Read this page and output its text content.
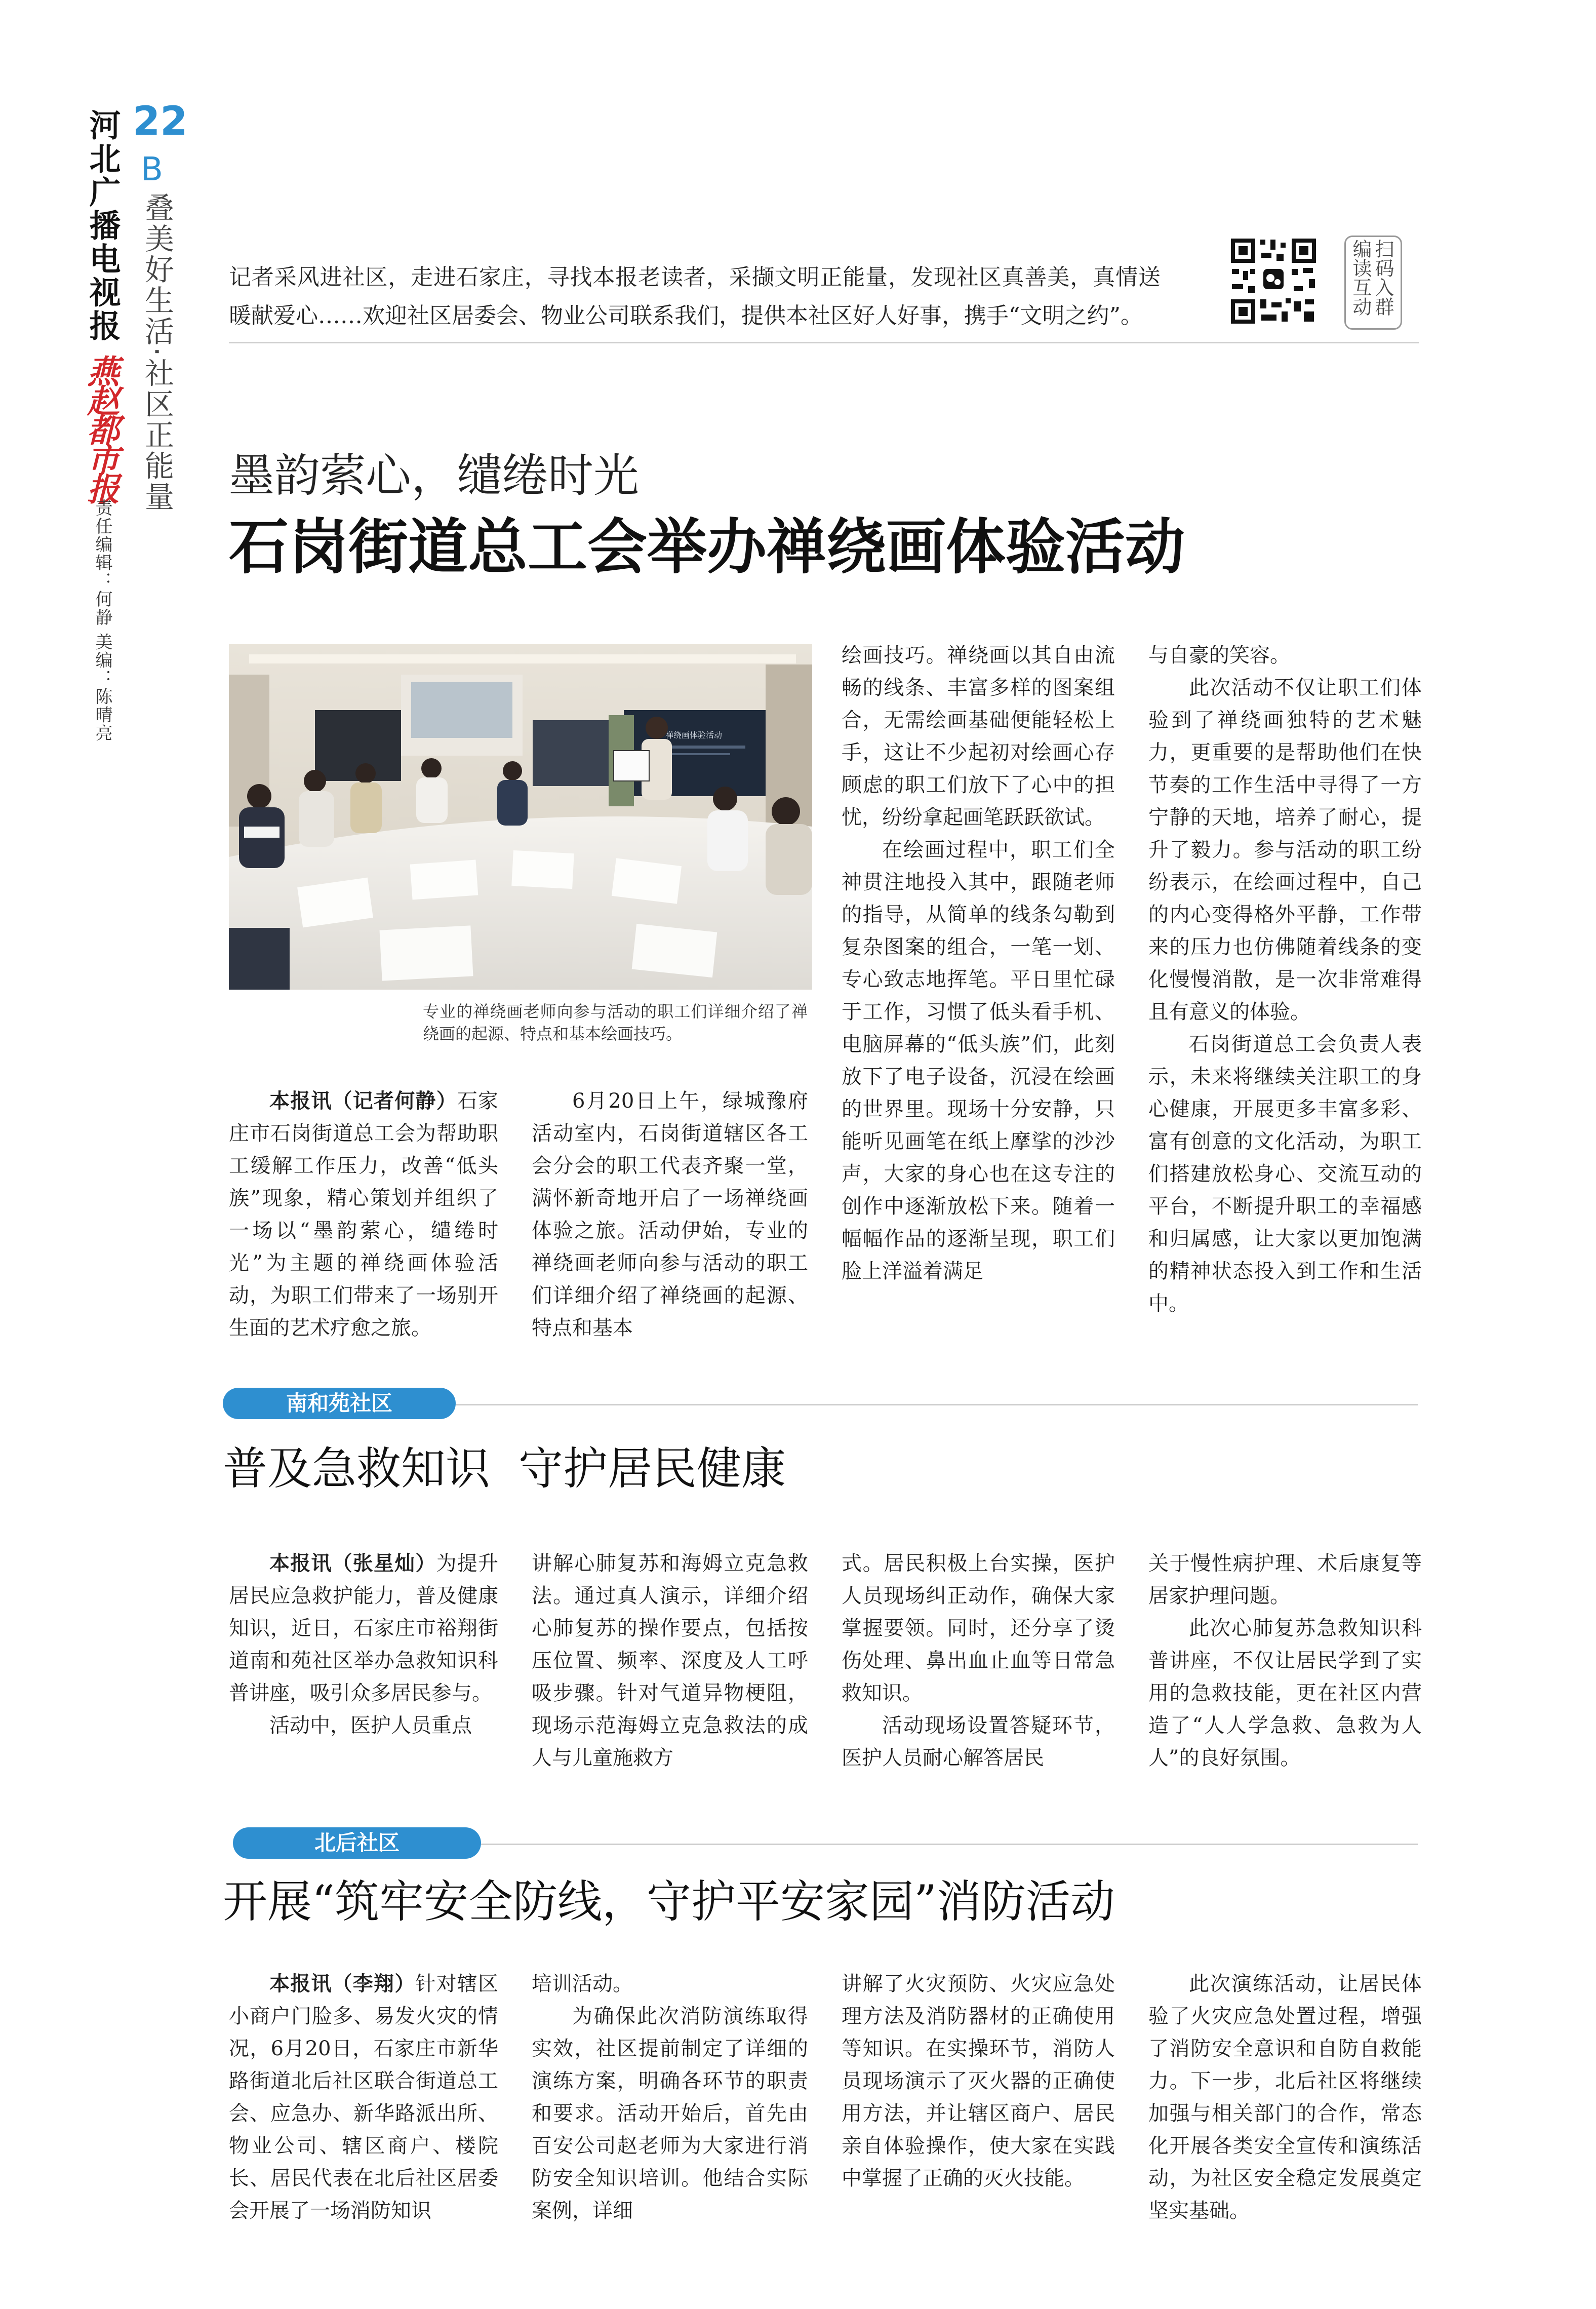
河北广播电视报
燕赵都市报
22
B
叠美好生活·社区正能量
责任编辑：何静 美编：陈晴亮
记者采风进社区，走进石家庄，寻找本报老读者，采撷文明正能量，发现社区真善美，真情送暖献爱心……欢迎社区居委会、物业公司联系我们，提供本社区好人好事，携手“文明之约”。	扫码入群编读互动
墨韵萦心，缱绻时光
石岗街道总工会举办禅绕画体验活动
禅绕画体验活动
专业的禅绕画老师向参与活动的职工们详细介绍了禅绕画的起源、特点和基本绘画技巧。

本报讯（记者何静）石家庄市石岗街道总工会为帮助职工缓解工作压力，改善“低头族”现象，精心策划并组织了一场以“墨韵萦心，缱绻时光”为主题的禅绕画体验活动，为职工们带来了一场别开生面的艺术疗愈之旅。

6月20日上午，绿城豫府活动室内，石岗街道辖区各工会分会的职工代表齐聚一堂，满怀新奇地开启了一场禅绕画体验之旅。活动伊始，专业的禅绕画老师向参与活动的职工们详细介绍了禅绕画的起源、特点和基本

绘画技巧。禅绕画以其自由流畅的线条、丰富多样的图案组合，无需绘画基础便能轻松上手，这让不少起初对绘画心存顾虑的职工们放下了心中的担忧，纷纷拿起画笔跃跃欲试。

在绘画过程中，职工们全神贯注地投入其中，跟随老师的指导，从简单的线条勾勒到复杂图案的组合，一笔一划、专心致志地挥笔。平日里忙碌于工作，习惯了低头看手机、电脑屏幕的“低头族”们，此刻放下了电子设备，沉浸在绘画的世界里。现场十分安静，只能听见画笔在纸上摩挲的沙沙声，大家的身心也在这专注的创作中逐渐放松下来。随着一幅幅作品的逐渐呈现，职工们脸上洋溢着满足

与自豪的笑容。

此次活动不仅让职工们体验到了禅绕画独特的艺术魅力，更重要的是帮助他们在快节奏的工作生活中寻得了一方宁静的天地，培养了耐心，提升了毅力。参与活动的职工纷纷表示，在绘画过程中，自己的内心变得格外平静，工作带来的压力也仿佛随着线条的变化慢慢消散，是一次非常难得且有意义的体验。

石岗街道总工会负责人表示，未来将继续关注职工的身心健康，开展更多丰富多彩、富有创意的文化活动，为职工们搭建放松身心、交流互动的平台，不断提升职工的幸福感和归属感，让大家以更加饱满的精神状态投入到工作和生活中。

南和苑社区
普及急救知识  守护居民健康

本报讯（张星灿）为提升居民应急救护能力，普及健康知识，近日，石家庄市裕翔街道南和苑社区举办急救知识科普讲座，吸引众多居民参与。

活动中，医护人员重点

讲解心肺复苏和海姆立克急救法。通过真人演示，详细介绍心肺复苏的操作要点，包括按压位置、频率、深度及人工呼吸步骤。针对气道异物梗阻，现场示范海姆立克急救法的成人与儿童施救方

式。居民积极上台实操，医护人员现场纠正动作，确保大家掌握要领。同时，还分享了烫伤处理、鼻出血止血等日常急救知识。

活动现场设置答疑环节，医护人员耐心解答居民

关于慢性病护理、术后康复等居家护理问题。

此次心肺复苏急救知识科普讲座，不仅让居民学到了实用的急救技能，更在社区内营造了“人人学急救、急救为人人”的良好氛围。

北后社区
开展“筑牢安全防线，守护平安家园”消防活动

本报讯（李翔）针对辖区小商户门脸多、易发火灾的情况，6月20日，石家庄市新华路街道北后社区联合街道总工会、应急办、新华路派出所、物业公司、辖区商户、楼院长、居民代表在北后社区居委会开展了一场消防知识

培训活动。

为确保此次消防演练取得实效，社区提前制定了详细的演练方案，明确各环节的职责和要求。活动开始后，首先由百安公司赵老师为大家进行消防安全知识培训。他结合实际案例，详细

讲解了火灾预防、火灾应急处理方法及消防器材的正确使用等知识。在实操环节，消防人员现场演示了灭火器的正确使用方法，并让辖区商户、居民亲自体验操作，使大家在实践中掌握了正确的灭火技能。

此次演练活动，让居民体验了火灾应急处置过程，增强了消防安全意识和自防自救能力。下一步，北后社区将继续加强与相关部门的合作，常态化开展各类安全宣传和演练活动，为社区安全稳定发展奠定坚实基础。
